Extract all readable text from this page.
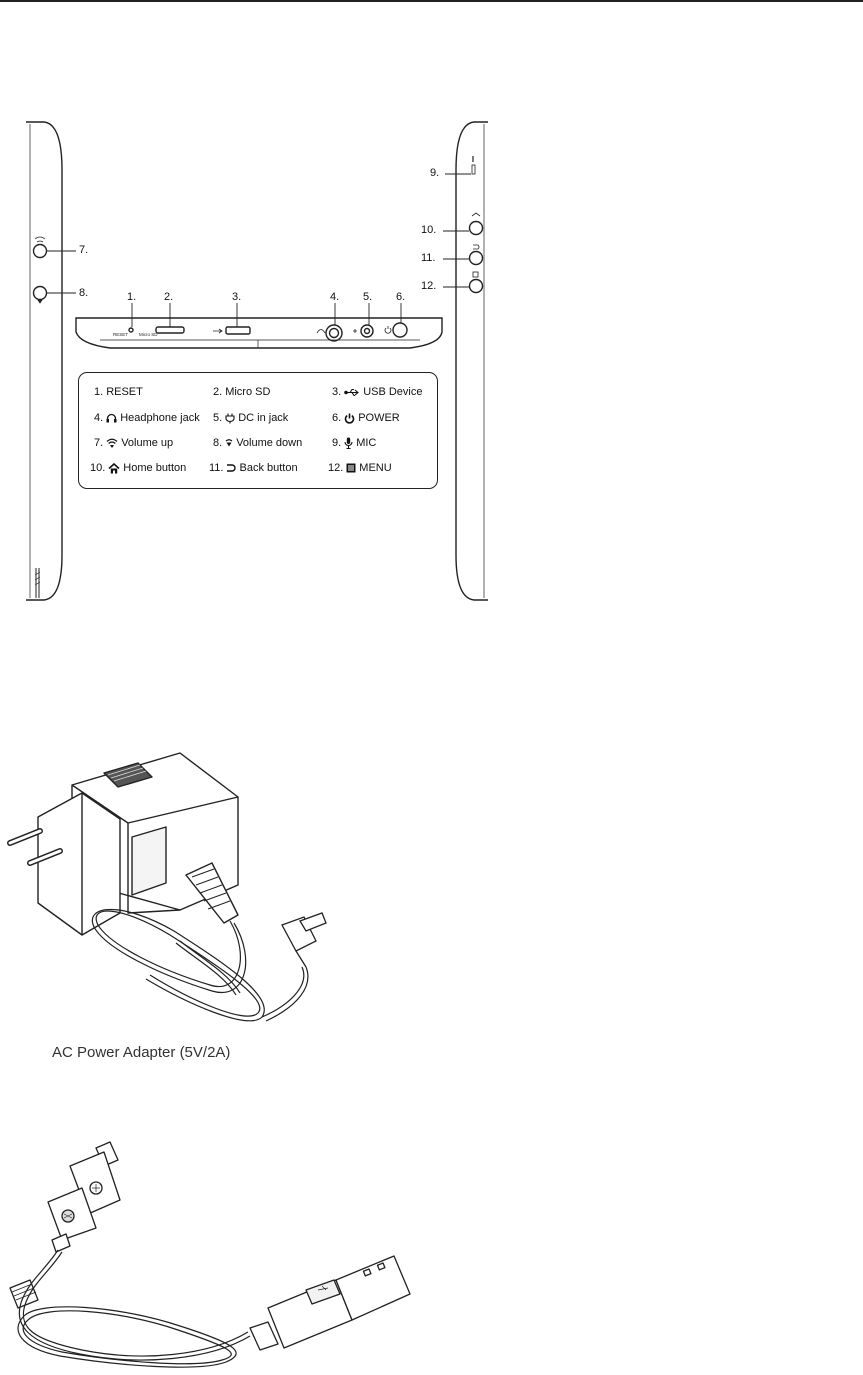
RESET Micro SD
7.
8.
9.
10.
11.
12.
1.	2.	3.	4. 5. 6.
1. RESET	2. Micro SD	3. USB Device
4. Headphone jack 5. DC in jack	6. POWER
7. Volume up	8. Volume down	9. MIC
10. Home button 11. Back button	12. MENU
AC Power Adapter (5V/2A)
